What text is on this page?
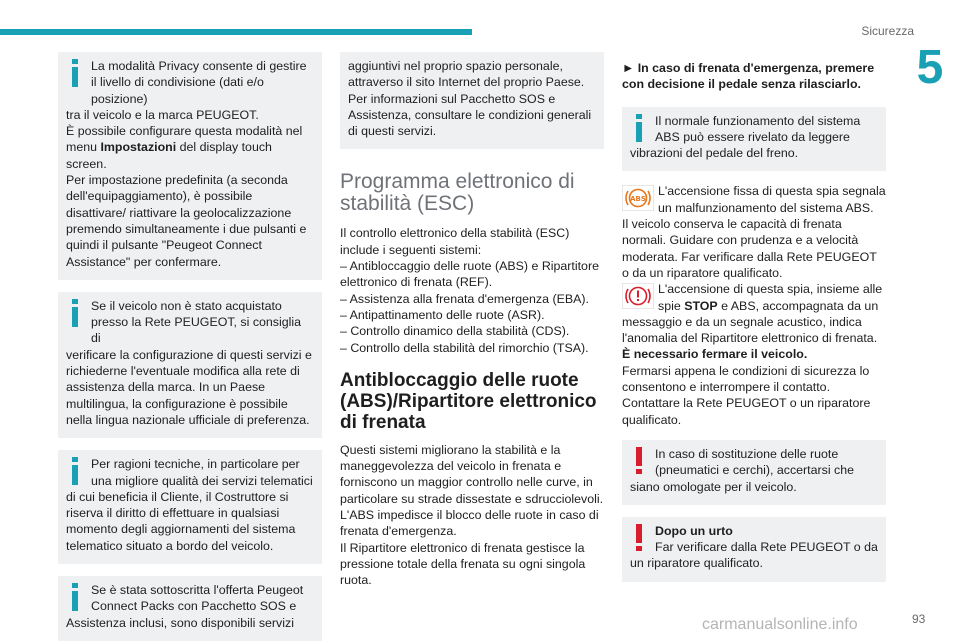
Sicurezza
5

La modalità Privacy consente di gestire il livello di condivisione (dati e/o posizione)
tra il veicolo e la marca PEUGEOT.

È possibile configurare questa modalità nel menu Impostazioni del display touch screen.

Per impostazione predefinita (a seconda dell'equipaggiamento), è possibile disattivare/ riattivare la geolocalizzazione premendo simultaneamente i due pulsanti e quindi il pulsante "Peugeot Connect Assistance" per confermare.

Se il veicolo non è stato acquistato presso la Rete PEUGEOT, si consiglia di
verificare la configurazione di questi servizi e richiederne l'eventuale modifica alla rete di assistenza della marca. In un Paese multilingua, la configurazione è possibile nella lingua nazionale ufficiale di preferenza.

Per ragioni tecniche, in particolare per una migliore qualità dei servizi telematici
di cui beneficia il Cliente, il Costruttore si riserva il diritto di effettuare in qualsiasi momento degli aggiornamenti del sistema telematico situato a bordo del veicolo.

Se è stata sottoscritta l'offerta Peugeot Connect Packs con Pacchetto SOS e
Assistenza inclusi, sono disponibili servizi

aggiuntivi nel proprio spazio personale, attraverso il sito Internet del proprio Paese. Per informazioni sul Pacchetto SOS e Assistenza, consultare le condizioni generali di questi servizi.

Programma elettronico di stabilità (ESC)

Il controllo elettronico della stabilità (ESC) include i seguenti sistemi:

– Antibloccaggio delle ruote (ABS) e Ripartitore elettronico di frenata (REF).

– Assistenza alla frenata d'emergenza (EBA).

– Antipattinamento delle ruote (ASR).

– Controllo dinamico della stabilità (CDS).

– Controllo della stabilità del rimorchio (TSA).

Antibloccaggio delle ruote (ABS)/Ripartitore elettronico di frenata

Questi sistemi migliorano la stabilità e la maneggevolezza del veicolo in frenata e forniscono un maggior controllo nelle curve, in particolare su strade dissestate e sdrucciolevoli.

L'ABS impedisce il blocco delle ruote in caso di frenata d'emergenza.

Il Ripartitore elettronico di frenata gestisce la pressione totale della frenata su ogni singola ruota.

► In caso di frenata d'emergenza, premere con decisione il pedale senza rilasciarlo.

Il normale funzionamento del sistema ABS può essere rivelato da leggere
vibrazioni del pedale del freno.

ABS

L'accensione fissa di questa spia segnala un malfunzionamento del sistema ABS.
Il veicolo conserva le capacità di frenata normali. Guidare con prudenza e a velocità moderata. Far verificare dalla Rete PEUGEOT o da un riparatore qualificato.

L'accensione di questa spia, insieme alle spie STOP e ABS, accompagnata da un
messaggio e da un segnale acustico, indica l'anomalia del Ripartitore elettronico di frenata.

È necessario fermare il veicolo.

Fermarsi appena le condizioni di sicurezza lo consentono e interrompere il contatto.

Contattare la Rete PEUGEOT o un riparatore qualificato.

In caso di sostituzione delle ruote (pneumatici e cerchi), accertarsi che
siano omologate per il veicolo.

Dopo un urto
Far verificare dalla Rete PEUGEOT o da un riparatore qualificato.

carmanualsonline.info	93
